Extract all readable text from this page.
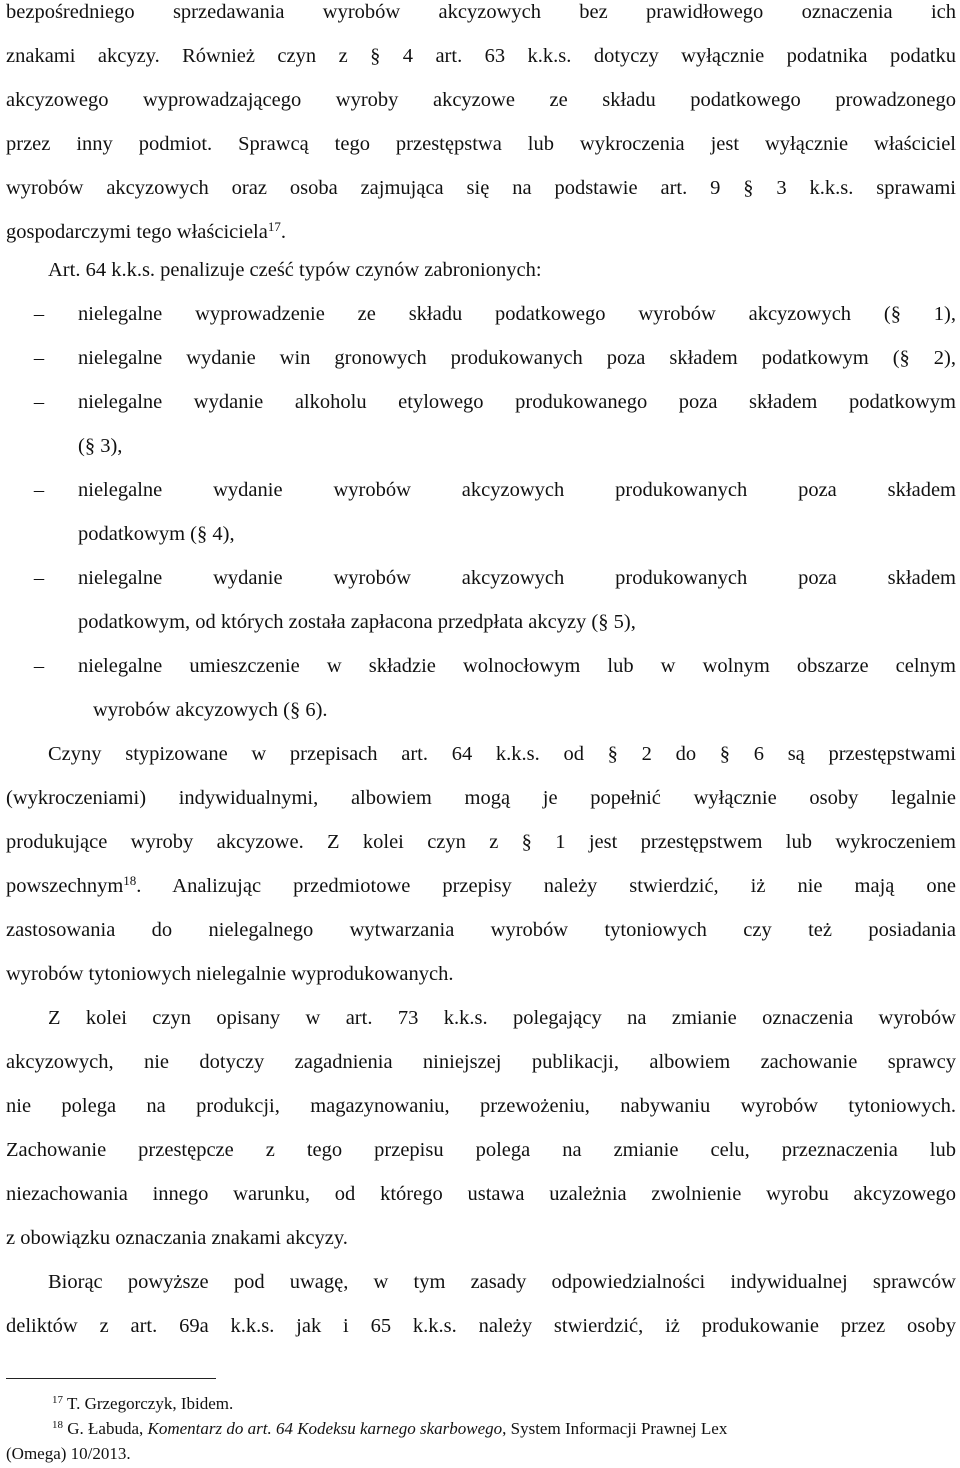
bezpośredniego sprzedawania wyrobów akcyzowych bez prawidłowego oznaczenia ich
znakami akcyzy. Również czyn z § 4 art. 63 k.k.s. dotyczy wyłącznie podatnika podatku
akcyzowego wyprowadzającego wyroby akcyzowe ze składu podatkowego prowadzonego
przez inny podmiot. Sprawcą tego przestępstwa lub wykroczenia jest wyłącznie właściciel
wyrobów akcyzowych oraz osoba zajmująca się na podstawie art. 9 § 3 k.k.s. sprawami
gospodarczymi tego właściciela$^{17}$.
Art. 64 k.k.s. penalizuje cześć typów czynów zabronionych:
–	nielegalne wyprowadzenie ze składu podatkowego wyrobów akcyzowych (§ 1),
–	nielegalne wydanie win gronowych produkowanych poza składem podatkowym (§ 2),
–	nielegalne wydanie alkoholu etylowego produkowanego poza składem podatkowym
(§ 3),
–	nielegalne wydanie wyrobów akcyzowych produkowanych poza składem
podatkowym (§ 4),
–	nielegalne wydanie wyrobów akcyzowych produkowanych poza składem
podatkowym, od których została zapłacona przedpłata akcyzy (§ 5),
–	nielegalne umieszczenie w składzie wolnocłowym lub w wolnym obszarze celnym
wyrobów akcyzowych (§ 6).
Czyny stypizowane w przepisach art. 64 k.k.s. od § 2 do § 6 są przestępstwami
(wykroczeniami) indywidualnymi, albowiem mogą je popełnić wyłącznie osoby legalnie
produkujące wyroby akcyzowe. Z kolei czyn z § 1 jest przestępstwem lub wykroczeniem
powszechnym$^{18}$ . Analizując przedmiotowe przepisy należy stwierdzić, iż nie mają one
zastosowania do nielegalnego wytwarzania wyrobów tytoniowych czy też posiadania
wyrobów tytoniowych nielegalnie wyprodukowanych.
Z kolei czyn opisany w art. 73 k.k.s. polegający na zmianie oznaczenia wyrobów
akcyzowych, nie dotyczy zagadnienia niniejszej publikacji, albowiem zachowanie sprawcy
nie polega na produkcji, magazynowaniu, przewożeniu, nabywaniu wyrobów tytoniowych.
Zachowanie przestępcze z tego przepisu polega na zmianie celu, przeznaczenia lub
niezachowania innego warunku, od którego ustawa uzależnia zwolnienie wyrobu akcyzowego
z obowiązku oznaczania znakami akcyzy.
Biorąc powyższe pod uwagę, w tym zasady odpowiedzialności indywidualnej sprawców
deliktów z art. 69a k.k.s. jak i 65 k.k.s. należy stwierdzić, iż produkowanie przez osoby
$^{17}$ T. Grzegorczyk, Ibidem.
$^{18}$ G. Łabuda, Komentarz do art. 64 Kodeksu karnego skarbowego, System Informacji Prawnej Lex
(Omega) 10/2013.
